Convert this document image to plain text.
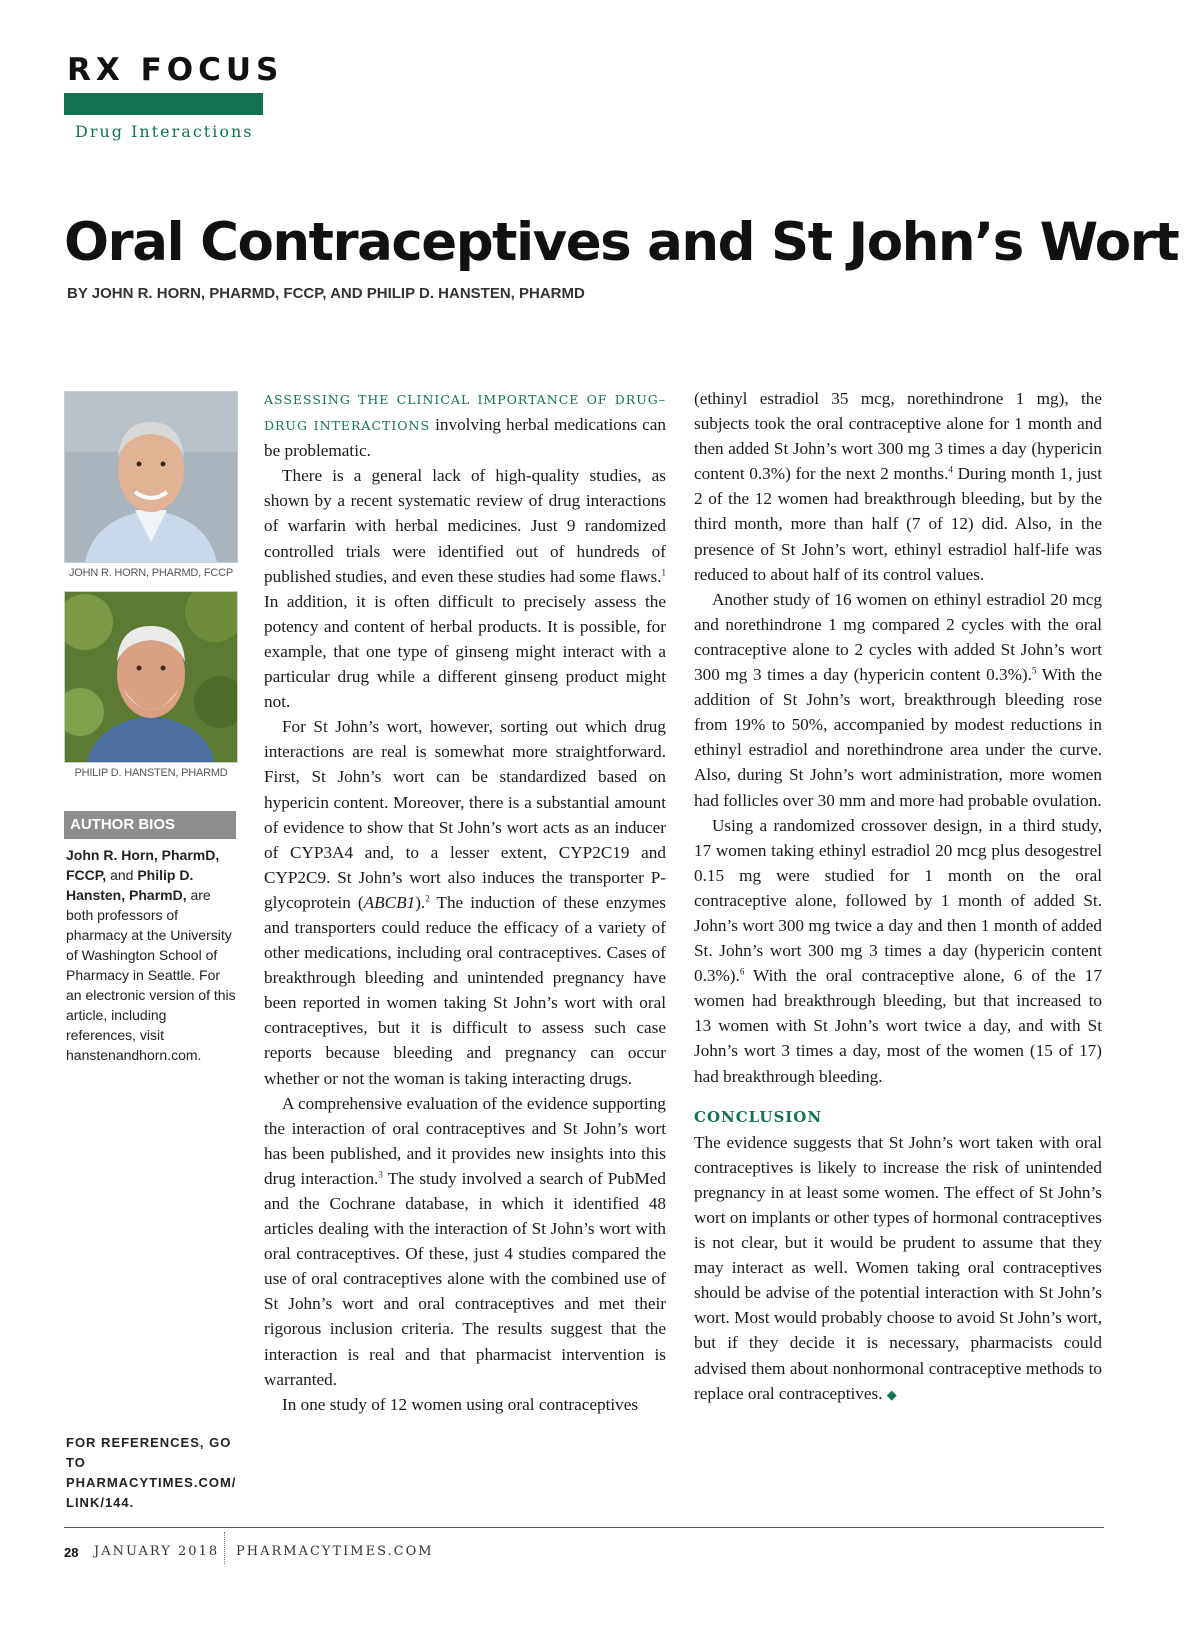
RX FOCUS
Drug Interactions
Oral Contraceptives and St John’s Wort
BY JOHN R. HORN, PHARMD, FCCP, AND PHILIP D. HANSTEN, PHARMD
JOHN R. HORN, PHARMD, FCCP
PHILIP D. HANSTEN, PHARMD
AUTHOR BIOS
John R. Horn, PharmD, FCCP, and Philip D. Hansten, PharmD, are both professors of pharmacy at the University of Washington School of Pharmacy in Seattle. For an electronic version of this article, including references, visit hanstenandhorn.com.
FOR REFERENCES, GO TO PHARMACYTIMES.COM/ LINK/144.

ASSESSING THE CLINICAL IMPORTANCE OF DRUG–DRUG INTERACTIONS involving herbal medications can be problematic.

There is a general lack of high-quality studies, as shown by a recent systematic review of drug interactions of warfarin with herbal medicines. Just 9 randomized controlled trials were identified out of hundreds of published studies, and even these studies had some flaws.$^1$ In addition, it is often difficult to precisely assess the potency and content of herbal products. It is possible, for example, that one type of ginseng might interact with a particular drug while a different ginseng product might not.

For St John’s wort, however, sorting out which drug interactions are real is somewhat more straightforward. First, St John’s wort can be standardized based on hypericin content. Moreover, there is a substantial amount of evidence to show that St John’s wort acts as an inducer of CYP3A4 and, to a lesser extent, CYP2C19 and CYP2C9. St John’s wort also induces the transporter P-glycoprotein (ABCB1).$^2$ The induction of these enzymes and transporters could reduce the efficacy of a variety of other medications, including oral contraceptives. Cases of breakthrough bleeding and unintended pregnancy have been reported in women taking St John’s wort with oral contraceptives, but it is difficult to assess such case reports because bleeding and pregnancy can occur whether or not the woman is taking interacting drugs.

A comprehensive evaluation of the evidence supporting the interaction of oral contraceptives and St John’s wort has been published, and it provides new insights into this drug interaction.$^3$ The study involved a search of PubMed and the Cochrane database, in which it identified 48 articles dealing with the interaction of St John’s wort with oral contraceptives. Of these, just 4 studies compared the use of oral contraceptives alone with the combined use of St John’s wort and oral contraceptives and met their rigorous inclusion criteria. The results suggest that the interaction is real and that pharmacist intervention is warranted.

In one study of 12 women using oral contraceptives

(ethinyl estradiol 35 mcg, norethindrone 1 mg), the subjects took the oral contraceptive alone for 1 month and then added St John’s wort 300 mg 3 times a day (hypericin content 0.3%) for the next 2 months.$^4$ During month 1, just 2 of the 12 women had breakthrough bleeding, but by the third month, more than half (7 of 12) did. Also, in the presence of St John’s wort, ethinyl estradiol half-life was reduced to about half of its control values.

Another study of 16 women on ethinyl estradiol 20 mcg and norethindrone 1 mg compared 2 cycles with the oral contraceptive alone to 2 cycles with added St John’s wort 300 mg 3 times a day (hypericin content 0.3%).$^5$ With the addition of St John’s wort, breakthrough bleeding rose from 19% to 50%, accompanied by modest reductions in ethinyl estradiol and norethindrone area under the curve. Also, during St John’s wort administration, more women had follicles over 30 mm and more had probable ovulation.

Using a randomized crossover design, in a third study, 17 women taking ethinyl estradiol 20 mcg plus desogestrel 0.15 mg were studied for 1 month on the oral contraceptive alone, followed by 1 month of added St. John’s wort 300 mg twice a day and then 1 month of added St. John’s wort 300 mg 3 times a day (hypericin content 0.3%).$^6$ With the oral contraceptive alone, 6 of the 17 women had breakthrough bleeding, but that increased to 13 women with St John’s wort twice a day, and with St John’s wort 3 times a day, most of the women (15 of 17) had breakthrough bleeding.

CONCLUSION

The evidence suggests that St John’s wort taken with oral contraceptives is likely to increase the risk of unintended pregnancy in at least some women. The effect of St John’s wort on implants or other types of hormonal contraceptives is not clear, but it would be prudent to assume that they may interact as well. Women taking oral contraceptives should be advise of the potential interaction with St John’s wort. Most would probably choose to avoid St John’s wort, but if they decide it is necessary, pharmacists could advised them about nonhormonal contraceptive methods to replace oral contraceptives. ◆

28 JANUARY 2018 PHARMACYTIMES.COM
